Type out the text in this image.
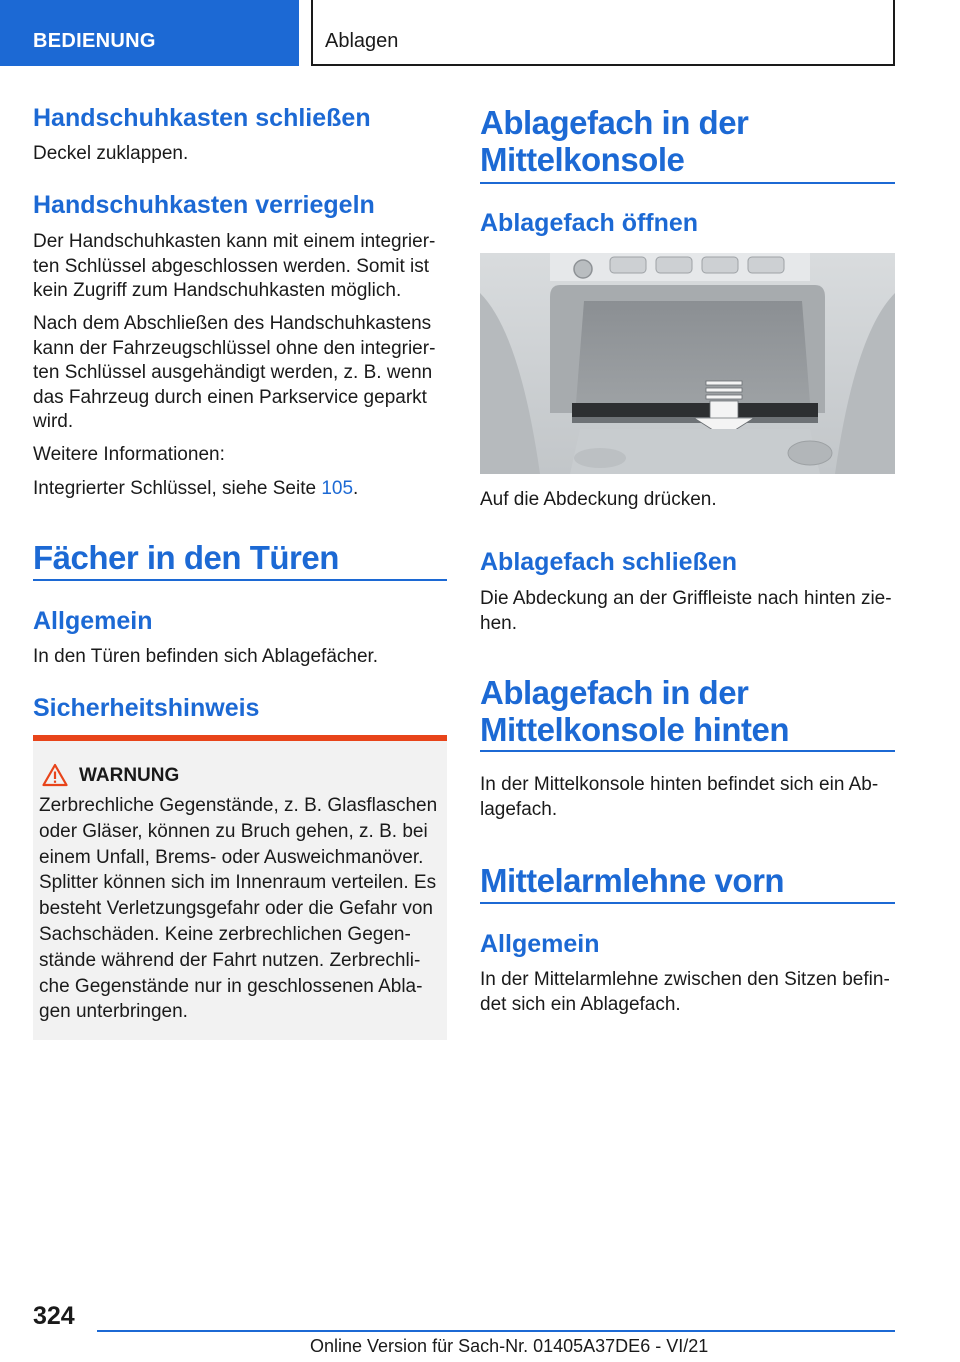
BEDIENUNG	Ablagen
Handschuhkasten schließen
Deckel zuklappen.
Handschuhkasten verriegeln
Der Handschuhkasten kann mit einem integrierten Schlüssel abgeschlossen werden. Somit ist kein Zugriff zum Handschuhkasten möglich.
Nach dem Abschließen des Handschuhkastens kann der Fahrzeugschlüssel ohne den integrierten Schlüssel ausgehändigt werden, z. B. wenn das Fahrzeug durch einen Parkservice geparkt wird.
Weitere Informationen:
Integrierter Schlüssel, siehe Seite 105.
Fächer in den Türen
Allgemein
In den Türen befinden sich Ablagefächer.
Sicherheitshinweis
WARNUNG
Zerbrechliche Gegenstände, z. B. Glasflaschen oder Gläser, können zu Bruch gehen, z. B. bei einem Unfall, Brems- oder Ausweichmanöver. Splitter können sich im Innenraum verteilen. Es besteht Verletzungsgefahr oder die Gefahr von Sachschäden. Keine zerbrechlichen Gegenstände während der Fahrt nutzen. Zerbrechliche Gegenstände nur in geschlossenen Ablagen unterbringen.
Ablagefach in der Mittelkonsole
Ablagefach öffnen
Auf die Abdeckung drücken.
Ablagefach schließen
Die Abdeckung an der Griffleiste nach hinten ziehen.
Ablagefach in der Mittelkonsole hinten
In der Mittelkonsole hinten befindet sich ein Ablagefach.
Mittelarmlehne vorn
Allgemein
In der Mittelarmlehne zwischen den Sitzen befindet sich ein Ablagefach.
324
Online Version für Sach-Nr. 01405A37DE6 - VI/21
